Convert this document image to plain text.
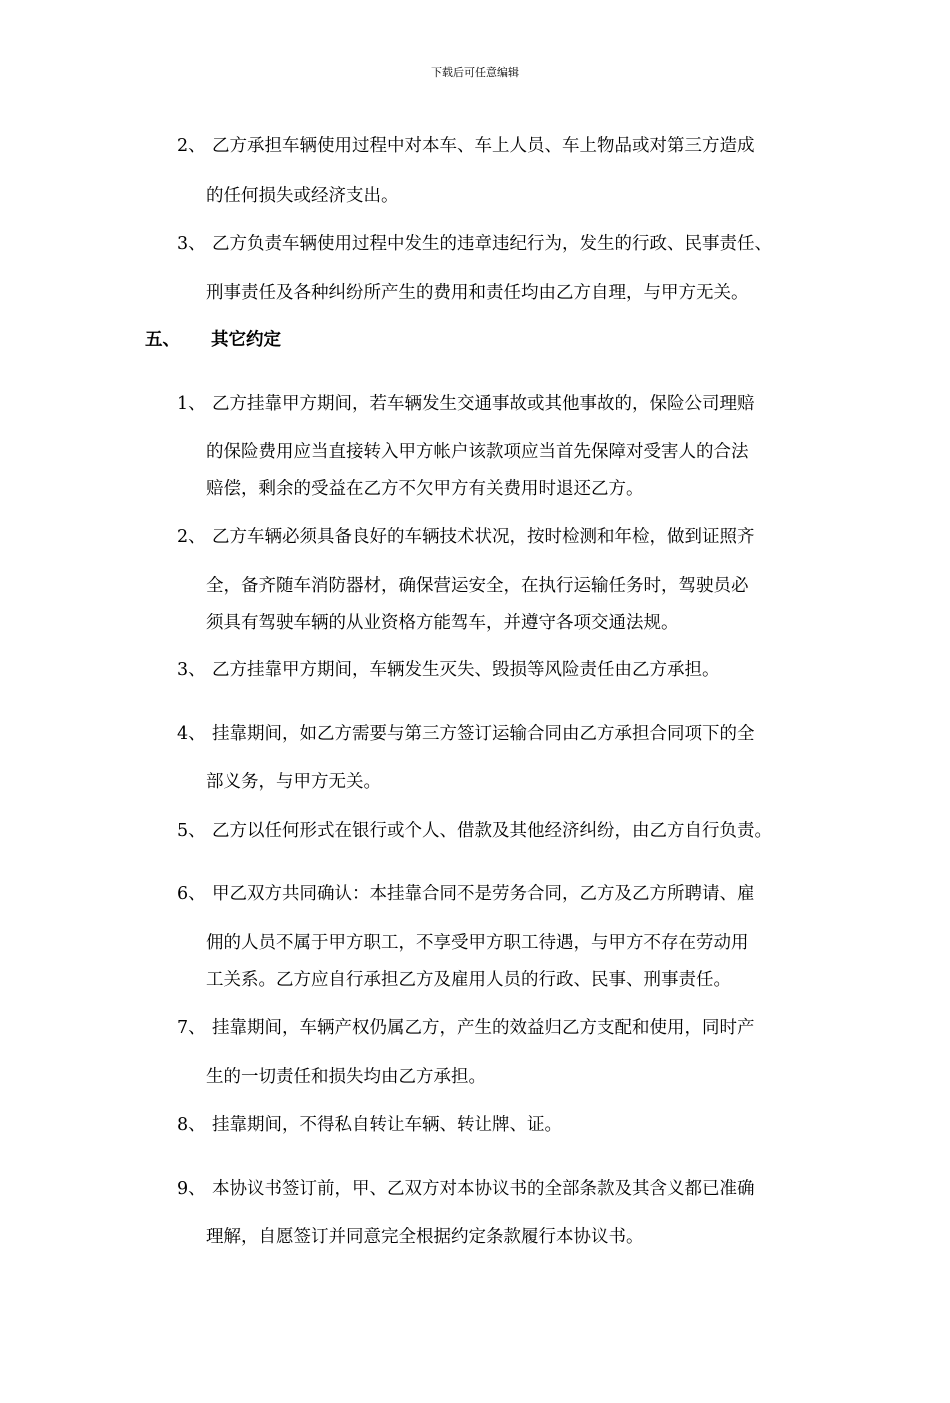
下载后可任意编辑
2、 乙方承担车辆使用过程中对本车、车上人员、车上物品或对第三方造成
的任何损失或经济支出。
3、 乙方负责车辆使用过程中发生的违章违纪行为，发生的行政、民事责任、
刑事责任及各种纠纷所产生的费用和责任均由乙方自理，与甲方无关。
五、 其它约定
1、 乙方挂靠甲方期间，若车辆发生交通事故或其他事故的，保险公司理赔
的保险费用应当直接转入甲方帐户该款项应当首先保障对受害人的合法
赔偿，剩余的受益在乙方不欠甲方有关费用时退还乙方。
2、 乙方车辆必须具备良好的车辆技术状况，按时检测和年检，做到证照齐
全，备齐随车消防器材，确保营运安全，在执行运输任务时，驾驶员必
须具有驾驶车辆的从业资格方能驾车，并遵守各项交通法规。
3、 乙方挂靠甲方期间，车辆发生灭失、毁损等风险责任由乙方承担。
4、 挂靠期间，如乙方需要与第三方签订运输合同由乙方承担合同项下的全
部义务，与甲方无关。
5、 乙方以任何形式在银行或个人、借款及其他经济纠纷，由乙方自行负责。
6、 甲乙双方共同确认：本挂靠合同不是劳务合同，乙方及乙方所聘请、雇
佣的人员不属于甲方职工，不享受甲方职工待遇，与甲方不存在劳动用
工关系。乙方应自行承担乙方及雇用人员的行政、民事、刑事责任。
7、 挂靠期间，车辆产权仍属乙方，产生的效益归乙方支配和使用，同时产
生的一切责任和损失均由乙方承担。
8、 挂靠期间，不得私自转让车辆、转让牌、证。
9、 本协议书签订前，甲、乙双方对本协议书的全部条款及其含义都已准确
理解，自愿签订并同意完全根据约定条款履行本协议书。
